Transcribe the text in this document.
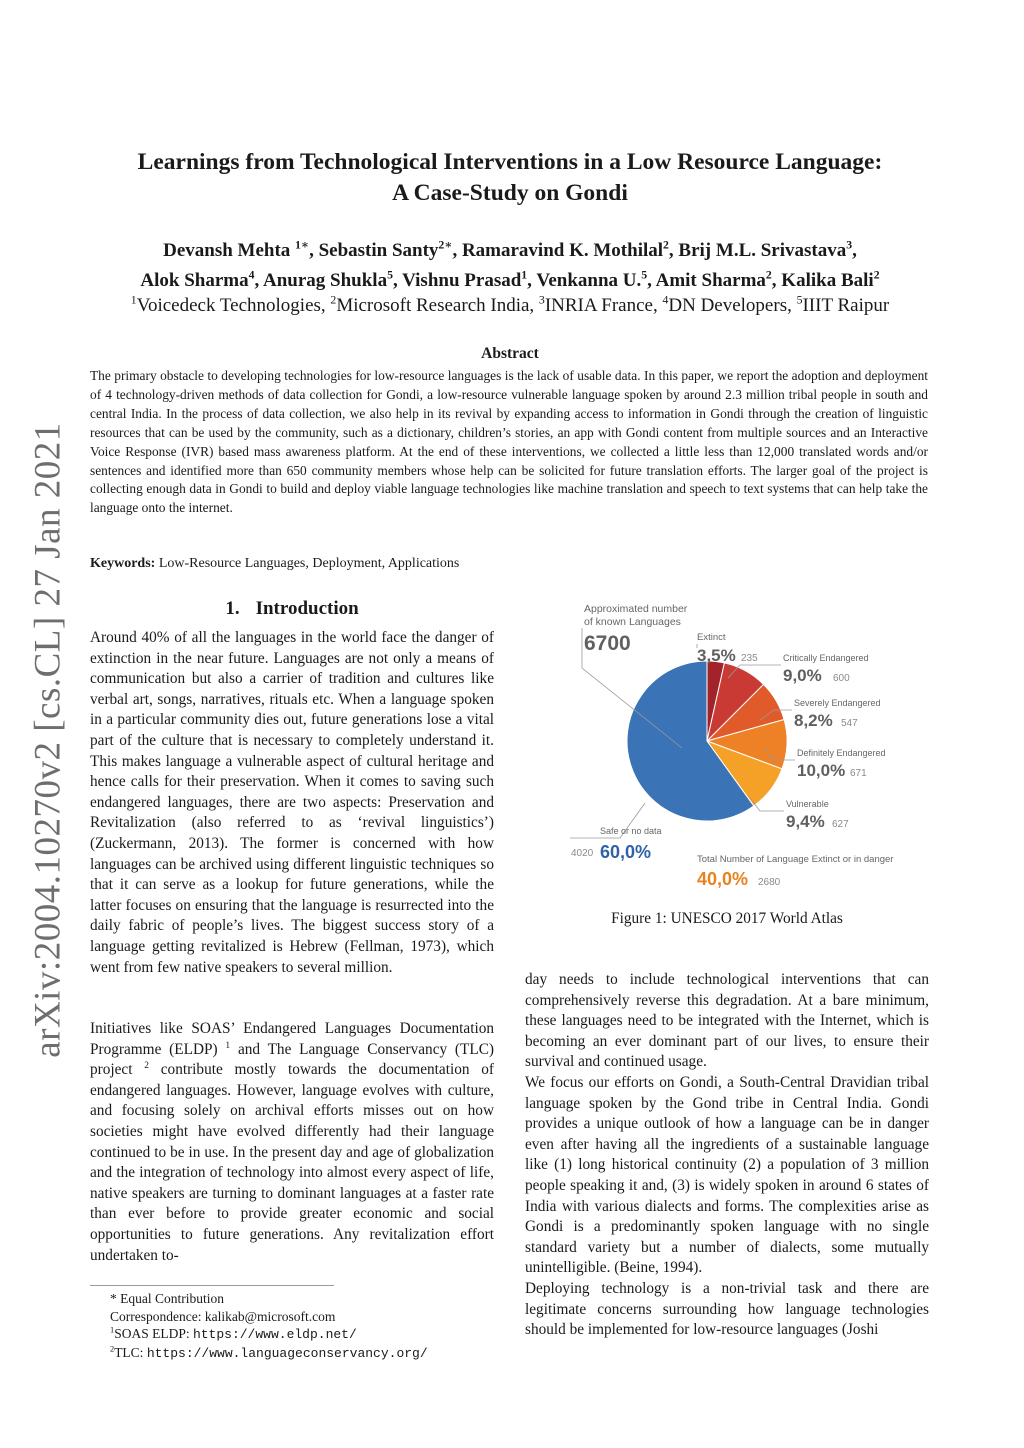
arXiv:2004.10270v2 [cs.CL] 27 Jan 2021
Learnings from Technological Interventions in a Low Resource Language:
A Case-Study on Gondi
Devansh Mehta $^{1∗}$, Sebastin Santy$^{2∗}$, Ramaravind K. Mothilal$^2$, Brij M.L. Srivastava$^3$,
Alok Sharma$^4$, Anurag Shukla$^5$, Vishnu Prasad$^1$, Venkanna U.$^5$, Amit Sharma$^2$, Kalika Bali$^2$
$^1$Voicedeck Technologies, $^2$Microsoft Research India, $^3$INRIA France, $^4$DN Developers, $^5$IIIT Raipur
Abstract

The primary obstacle to developing technologies for low-resource languages is the lack of usable data. In this paper, we report the adoption and deployment of 4 technology-driven methods of data collection for Gondi, a low-resource vulnerable language spoken by around 2.3 million tribal people in south and central India. In the process of data collection, we also help in its revival by expanding access to information in Gondi through the creation of linguistic resources that can be used by the community, such as a dictionary, children’s stories, an app with Gondi content from multiple sources and an Interactive Voice Response (IVR) based mass awareness platform. At the end of these interventions, we collected a little less than 12,000 translated words and/or sentences and identified more than 650 community members whose help can be solicited for future translation efforts. The larger goal of the project is collecting enough data in Gondi to build and deploy viable language technologies like machine translation and speech to text systems that can help take the language onto the internet.

Keywords: Low-Resource Languages, Deployment, Applications
1. Introduction

Around 40% of all the languages in the world face the danger of extinction in the near future. Languages are not only a means of communication but also a carrier of tradition and cultures like verbal art, songs, narratives, rituals etc. When a language spoken in a particular community dies out, future generations lose a vital part of the culture that is necessary to completely understand it. This makes language a vulnerable aspect of cultural heritage and hence calls for their preservation. When it comes to saving such endangered languages, there are two aspects: Preservation and Revitalization (also referred to as ‘revival linguistics’) (Zuckermann, 2013). The former is concerned with how languages can be archived using different linguistic techniques so that it can serve as a lookup for future generations, while the latter focuses on ensuring that the language is resurrected into the daily fabric of people’s lives. The biggest success story of a language getting revitalized is Hebrew (Fellman, 1973), which went from few native speakers to several million.

Initiatives like SOAS’ Endangered Languages Documentation Programme (ELDP) $^1$ and The Language Conservancy (TLC) project $^2$ contribute mostly towards the documentation of endangered languages. However, language evolves with culture, and focusing solely on archival efforts misses out on how societies might have evolved differently had their language continued to be in use. In the present day and age of globalization and the integration of technology into almost every aspect of life, native speakers are turning to dominant languages at a faster rate than ever before to provide greater economic and social opportunities to future generations. Any revitalization effort undertaken to-

Approximated number
of known Languages
6700	Extinct
3,5% 235	Critically Endangered
9,0% 600
Severely Endangered
8,2% 547
Definitely Endangered
10,0% 671
Vulnerable
9,4% 627
Safe or no data
4020 60,0%	Total Number of Language Extinct or in danger
40,0% 2680
Figure 1: UNESCO 2017 World Atlas

day needs to include technological interventions that can comprehensively reverse this degradation. At a bare minimum, these languages need to be integrated with the Internet, which is becoming an ever dominant part of our lives, to ensure their survival and continued usage.

We focus our efforts on Gondi, a South-Central Dravidian tribal language spoken by the Gond tribe in Central India. Gondi provides a unique outlook of how a language can be in danger even after having all the ingredients of a sustainable language like (1) long historical continuity (2) a population of 3 million people speaking it and, (3) is widely spoken in around 6 states of India with various dialects and forms. The complexities arise as Gondi is a predominantly spoken language with no single standard variety but a number of dialects, some mutually unintelligible. (Beine, 1994).

Deploying technology is a non-trivial task and there are legitimate concerns surrounding how language technologies should be implemented for low-resource languages (Joshi

* Equal Contribution
Correspondence: kalikab@microsoft.com
$^1$SOAS ELDP: https://www.eldp.net/
$^2$TLC: https://www.languageconservancy.org/
